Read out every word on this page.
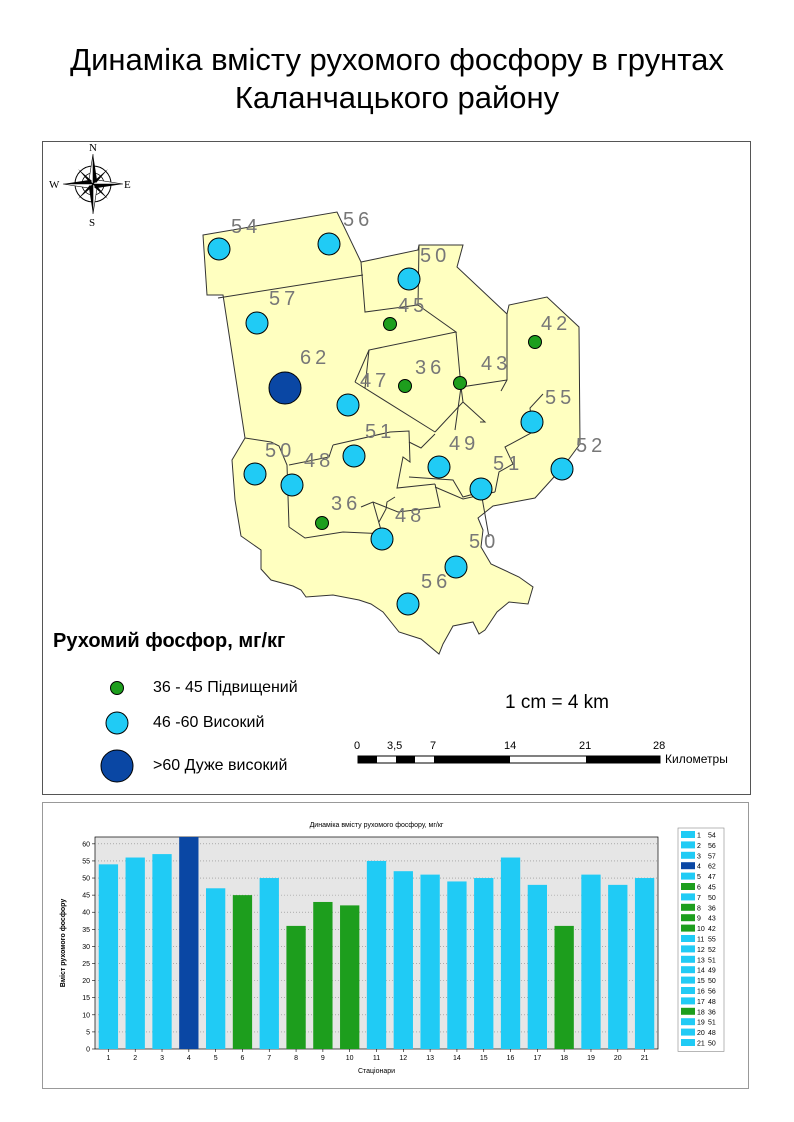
Динаміка вмісту рухомого фосфору в грунтах
Каланчацького району
N
S
E
W
54	56
50
45
57
42
62	36 43
47
55
51
49	52
50 48	51
36
48
50
56
Рухомий фосфор, мг/кг
36 - 45 Підвищений
46 -60 Високий
>60 Дуже високий
1 cm = 4 km
0 3,5	7	14	21	28
Километры
0
5
10
15
20
25
30
35
40
45
50
55
60
1	2	3	4	5	6	7	8	9	10	11	12	13	14	15	16	17	18	19	20	21
Динаміка вмісту рухомого фосфору, мг/кг
Стаціонари
Вміст рухомого фосфору
1 54
2 56
3 57
4 62
5 47
6 45
7 50
8 36
9 43
10 42
11 55
12 52
13 51
14 49
15 50
16 56
17 48
18 36
19 51
20 48
21 50
